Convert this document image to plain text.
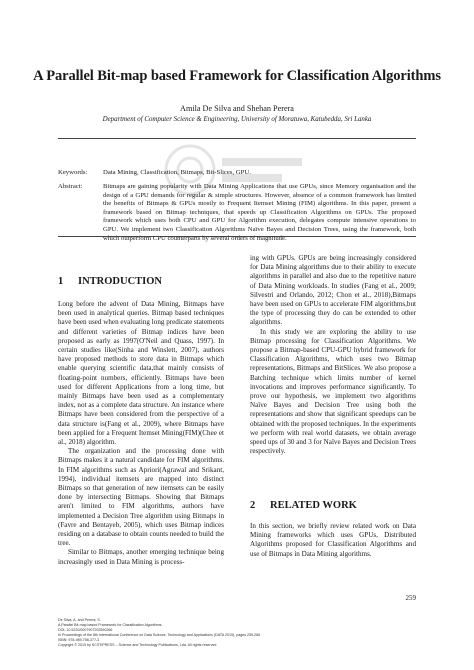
A Parallel Bit-map based Framework for Classification Algorithms
Amila De Silva and Shehan Perera
Department of Computer Science & Engineering, University of Moratuwa, Katubedda, Sri Lanka
Keywords: Data Mining, Classification, Bitmaps, Bit-Slices, GPU.
Abstract:	Bitmaps are gaining popularity with Data Mining Applications that use GPUs, since Memory organisation and the design of a GPU demands for regular & simple structures. However, absence of a common framework has limited the benefits of Bitmaps & GPUs mostly to Frequent Itemset Mining (FIM) algorithms. In this paper, present a framework based on Bitmap techniques, that speeds up Classification Algorithms on GPUs. The proposed framework which uses both CPU and GPU for Algorithm execution, delegates compute intensive operations to GPU. We implement two Classification Algorithms Naïve Bayes and Decision Trees, using the framework, both which outperform CPU counterparts by several orders of magnitude.
1 INTRODUCTION

Long before the advent of Data Mining, Bitmaps have been used in analytical queries. Bitmap based techniques have been used when evaluating long predicate statements and different varieties of Bitmap indices have been proposed as early as 1997(O'Neil and Quass, 1997). In certain studies like(Sinha and Winslett, 2007), authors have proposed methods to store data in Bitmaps which enable querying scientific data,that mainly consists of floating-point numbers, efficiently. Bitmaps have been used for different Applications from a long time, but mainly Bitmaps have been used as a complementary index, not as a complete data structure. An instance where Bitmaps have been considered from the perspective of a data structure is(Fang et al., 2009), where Bitmaps have been applied for a Frequent Itemset Mining(FIM)(Chee et al., 2018) algorithm.

The organization and the processing done with Bitmaps makes it a natural candidate for FIM algorithms. In FIM algorithms such as Apriori(Agrawal and Srikant, 1994), individual itemsets are mapped into distinct Bitmaps so that generation of new itemsets can be easily done by intersecting Bitmaps. Showing that Bitmaps aren't limited to FIM algorithms, authors have implemented a Decision Tree algorithm using Bitmaps in (Favre and Bentayeb, 2005), which uses Bitmap indices residing on a database to obtain counts needed to build the tree.

Similar to Bitmaps, another emerging technique being increasingly used in Data Mining is process-

ing with GPUs. GPUs are being increasingly considered for Data Mining algorithms due to their ability to execute algorithms in parallel and also due to the repetitive nature of Data Mining workloads. In studies (Fang et al., 2009; Silvestri and Orlando, 2012; Chon et al., 2018),Bitmaps have been used on GPUs to accelerate FIM algorithms,but the type of processing they do can be extended to other algorithms.

In this study we are exploring the ability to use Bitmap processing for Classification Algorithms. We propose a Bitmap-based CPU-GPU hybrid framework for Classification Algorithms, which uses two Bitmap representations, Bitmaps and BitSlices. We also propose a Batching technique which limits number of kernel invocations and improves performance significantly. To prove our hypothesis, we implement two algorithms Naïve Bayes and Decision Tree using both the representations and show that significant speedups can be obtained with the proposed techniques. In the experiments we perform with real world datasets, we obtain average speed ups of 30 and 3 for Naïve Bayes and Decision Trees respectively.

2 RELATED WORK

In this section, we briefly review related work on Data Mining frameworks which uses GPUs, Distributed Algorithms proposed for Classification Algorithms and use of Bitmaps in Data Mining algorithms.

259
De Silva, A. and Perera, S.
A Parallel Bit-map based Framework for Classification Algorithms.
DOI: 10.5220/0007907202590266
In Proceedings of the 8th International Conference on Data Science, Technology and Applications (DATA 2019), pages 259-266
ISBN: 978-989-758-377-3
Copyright © 2019 by SCITEPRESS – Science and Technology Publications, Lda. All rights reserved
